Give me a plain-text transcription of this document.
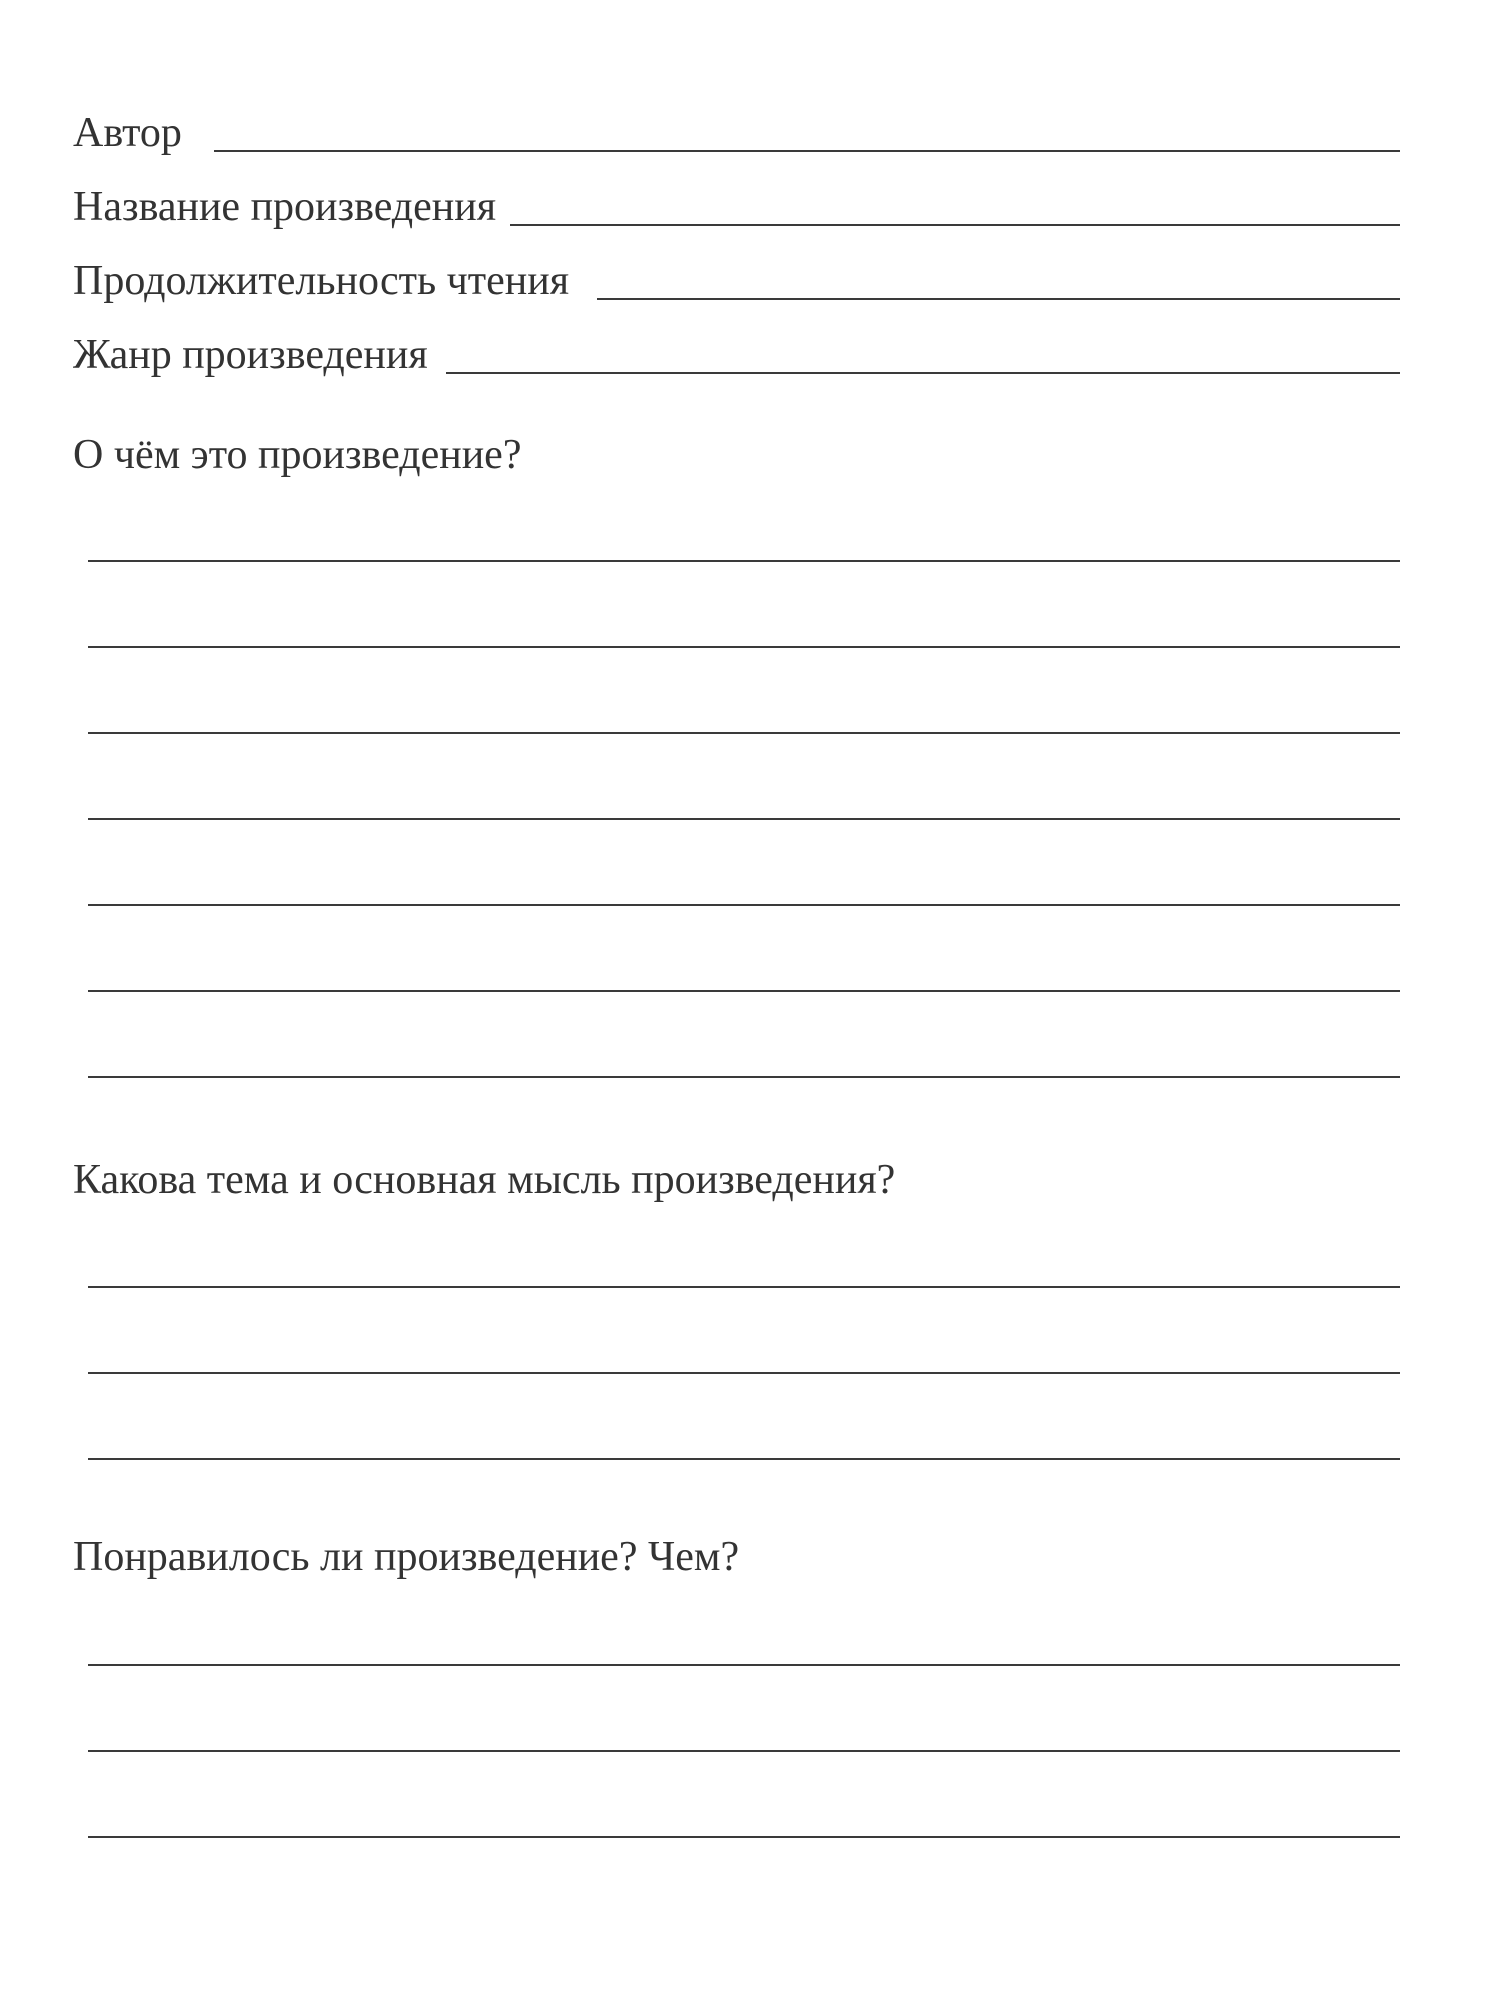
Автор
Название произведения
Продолжительность чтения
Жанр произведения
О чём это произведение?
Какова тема и основная мысль произведения?
Понравилось ли произведение? Чем?
